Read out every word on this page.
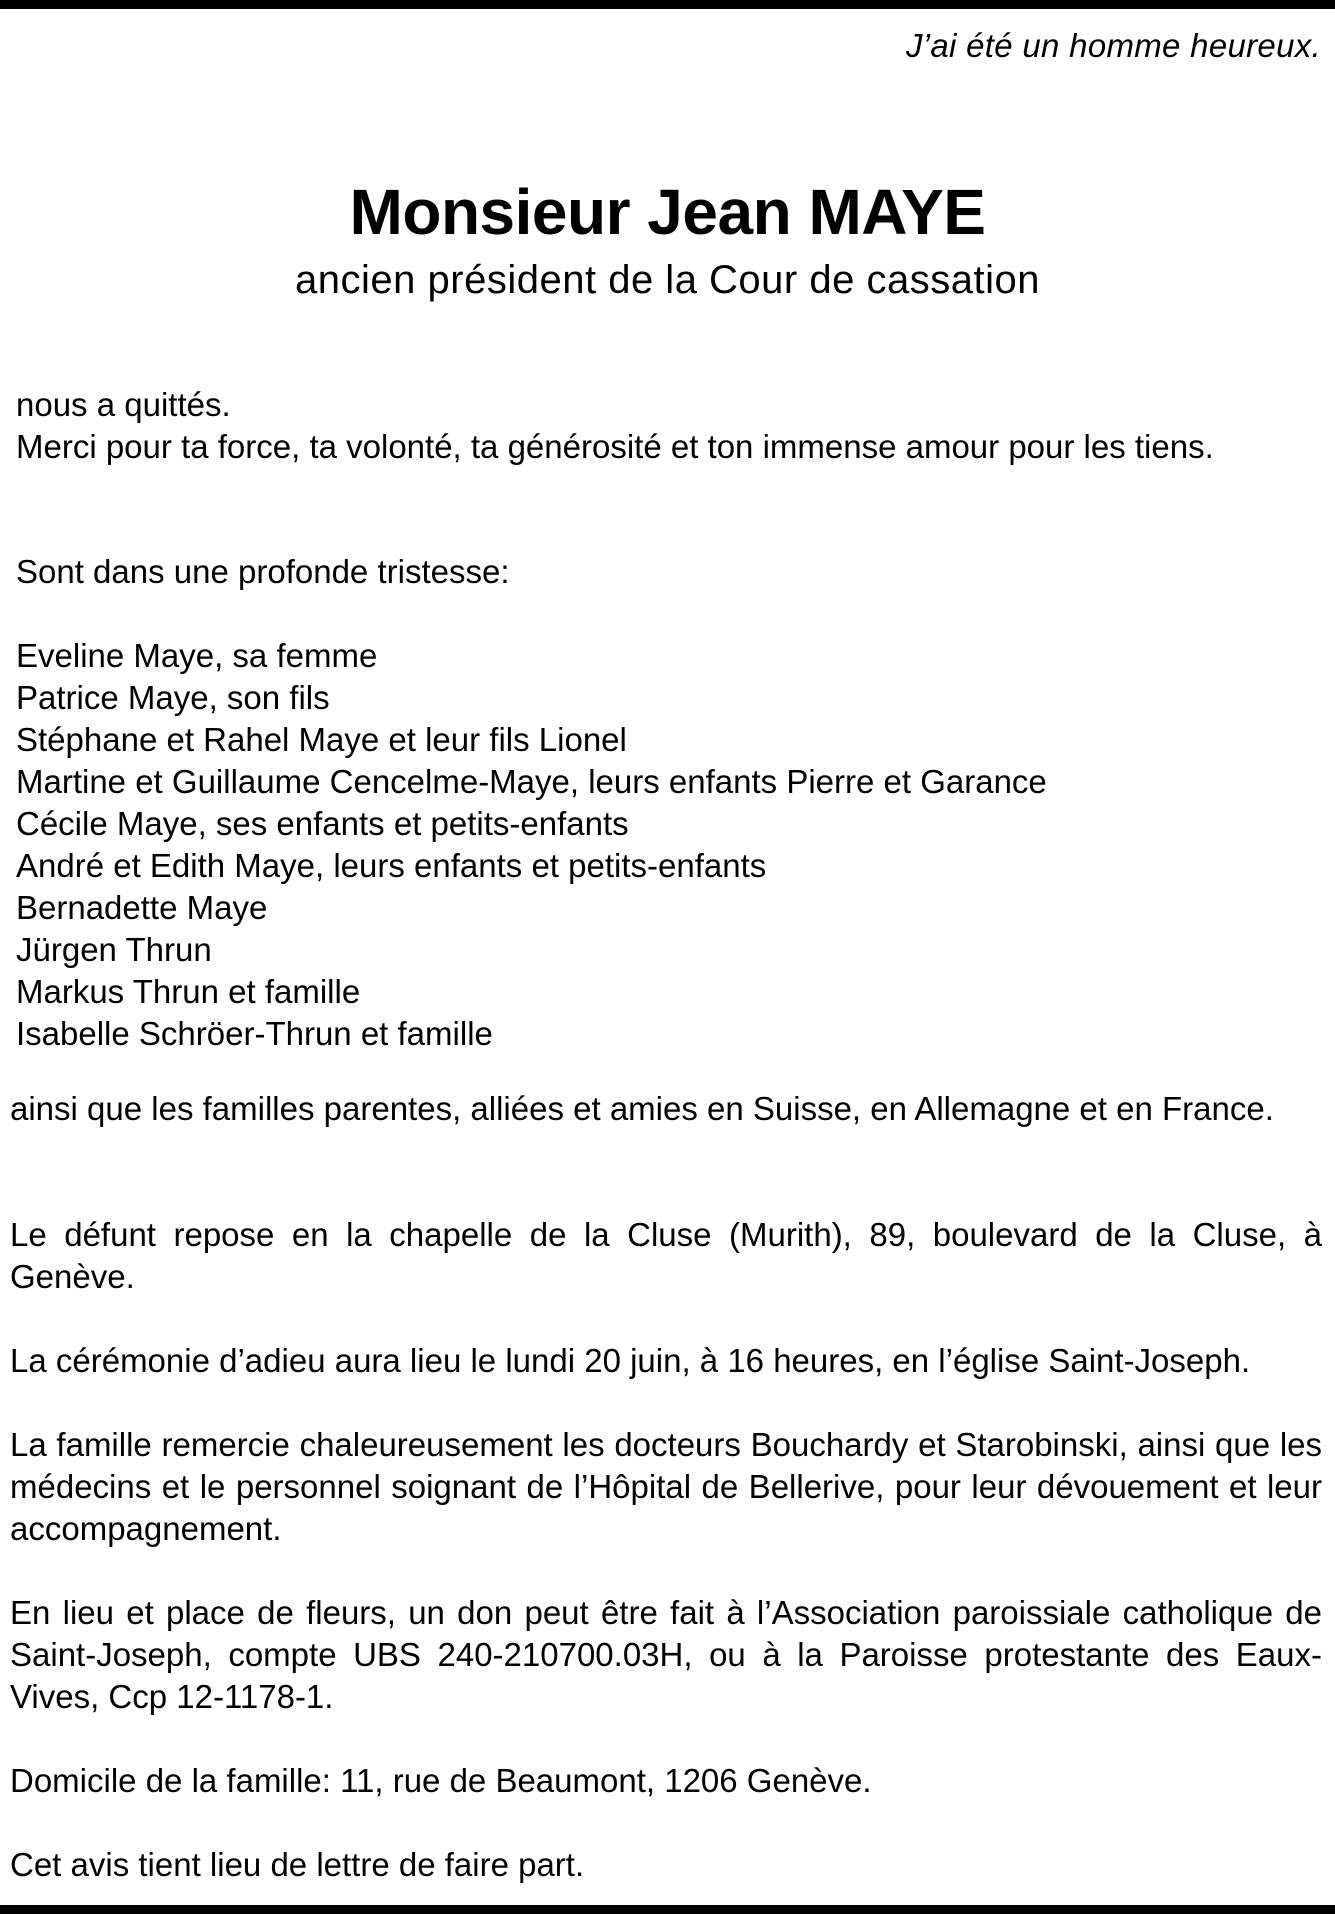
J’ai été un homme heureux.
Monsieur Jean MAYE
ancien président de la Cour de cassation
nous a quittés.
Merci pour ta force, ta volonté, ta générosité et ton immense amour pour les tiens.
Sont dans une profonde tristesse:
Eveline Maye, sa femme
Patrice Maye, son fils
Stéphane et Rahel Maye et leur fils Lionel
Martine et Guillaume Cencelme-Maye, leurs enfants Pierre et Garance
Cécile Maye, ses enfants et petits-enfants
André et Edith Maye, leurs enfants et petits-enfants
Bernadette Maye
Jürgen Thrun
Markus Thrun et famille
Isabelle Schröer-Thrun et famille
ainsi que les familles parentes, alliées et amies en Suisse, en Allemagne et en France.
Le défunt repose en la chapelle de la Cluse (Murith), 89, boulevard de la Cluse, à Genève.
La cérémonie d’adieu aura lieu le lundi 20 juin, à 16 heures, en l’église Saint-Joseph.
La famille remercie chaleureusement les docteurs Bouchardy et Starobinski, ainsi que les médecins et le personnel soignant de l’Hôpital de Bellerive, pour leur dévouement et leur accompagnement.
En lieu et place de fleurs, un don peut être fait à l’Association paroissiale catholique de Saint-Joseph, compte UBS 240-210700.03H, ou à la Paroisse protestante des Eaux-Vives, Ccp 12-1178-1.
Domicile de la famille: 11, rue de Beaumont, 1206 Genève.
Cet avis tient lieu de lettre de faire part.
